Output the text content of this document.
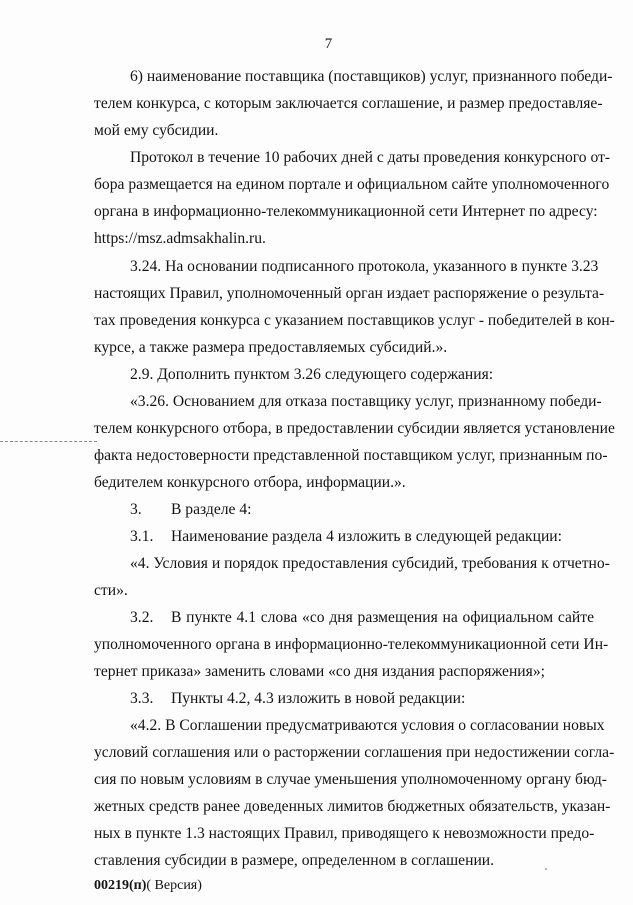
7
6) наименование поставщика (поставщиков) услуг, признанного победи-
телем конкурса, с которым заключается соглашение, и размер предоставляе-
мой ему субсидии.
Протокол в течение 10 рабочих дней с даты проведения конкурсного от-
бора размещается на едином портале и официальном сайте уполномоченного
органа в информационно-телекоммуникационной сети Интернет по адресу:
https://msz.admsakhalin.ru.
3.24. На основании подписанного протокола, указанного в пункте 3.23
настоящих Правил, уполномоченный орган издает распоряжение о результа-
тах проведения конкурса с указанием поставщиков услуг - победителей в кон-
курсе, а также размера предоставляемых субсидий.».
2.9. Дополнить пунктом 3.26 следующего содержания:
«3.26. Основанием для отказа поставщику услуг, признанному победи-
телем конкурсного отбора, в предоставлении субсидии является установление
факта недостоверности представленной поставщиком услуг, признанным по-
бедителем конкурсного отбора, информации.».
3.	В разделе 4:
3.1.	Наименование раздела 4 изложить в следующей редакции:
«4. Условия и порядок предоставления субсидий, требования к отчетно-
сти».
3.2.	В пункте 4.1 слова «со дня размещения на официальном сайте
уполномоченного органа в информационно-телекоммуникационной сети Ин-
тернет приказа» заменить словами «со дня издания распоряжения»;
3.3.	Пункты 4.2, 4.3 изложить в новой редакции:
«4.2. В Соглашении предусматриваются условия о согласовании новых
условий соглашения или о расторжении соглашения при недостижении согла-
сия по новым условиям в случае уменьшения уполномоченному органу бюд-
жетных средств ранее доведенных лимитов бюджетных обязательств, указан-
ных в пункте 1.3 настоящих Правил, приводящего к невозможности предо-
ставления субсидии в размере, определенном в соглашении.
00219(п)( Версия)
